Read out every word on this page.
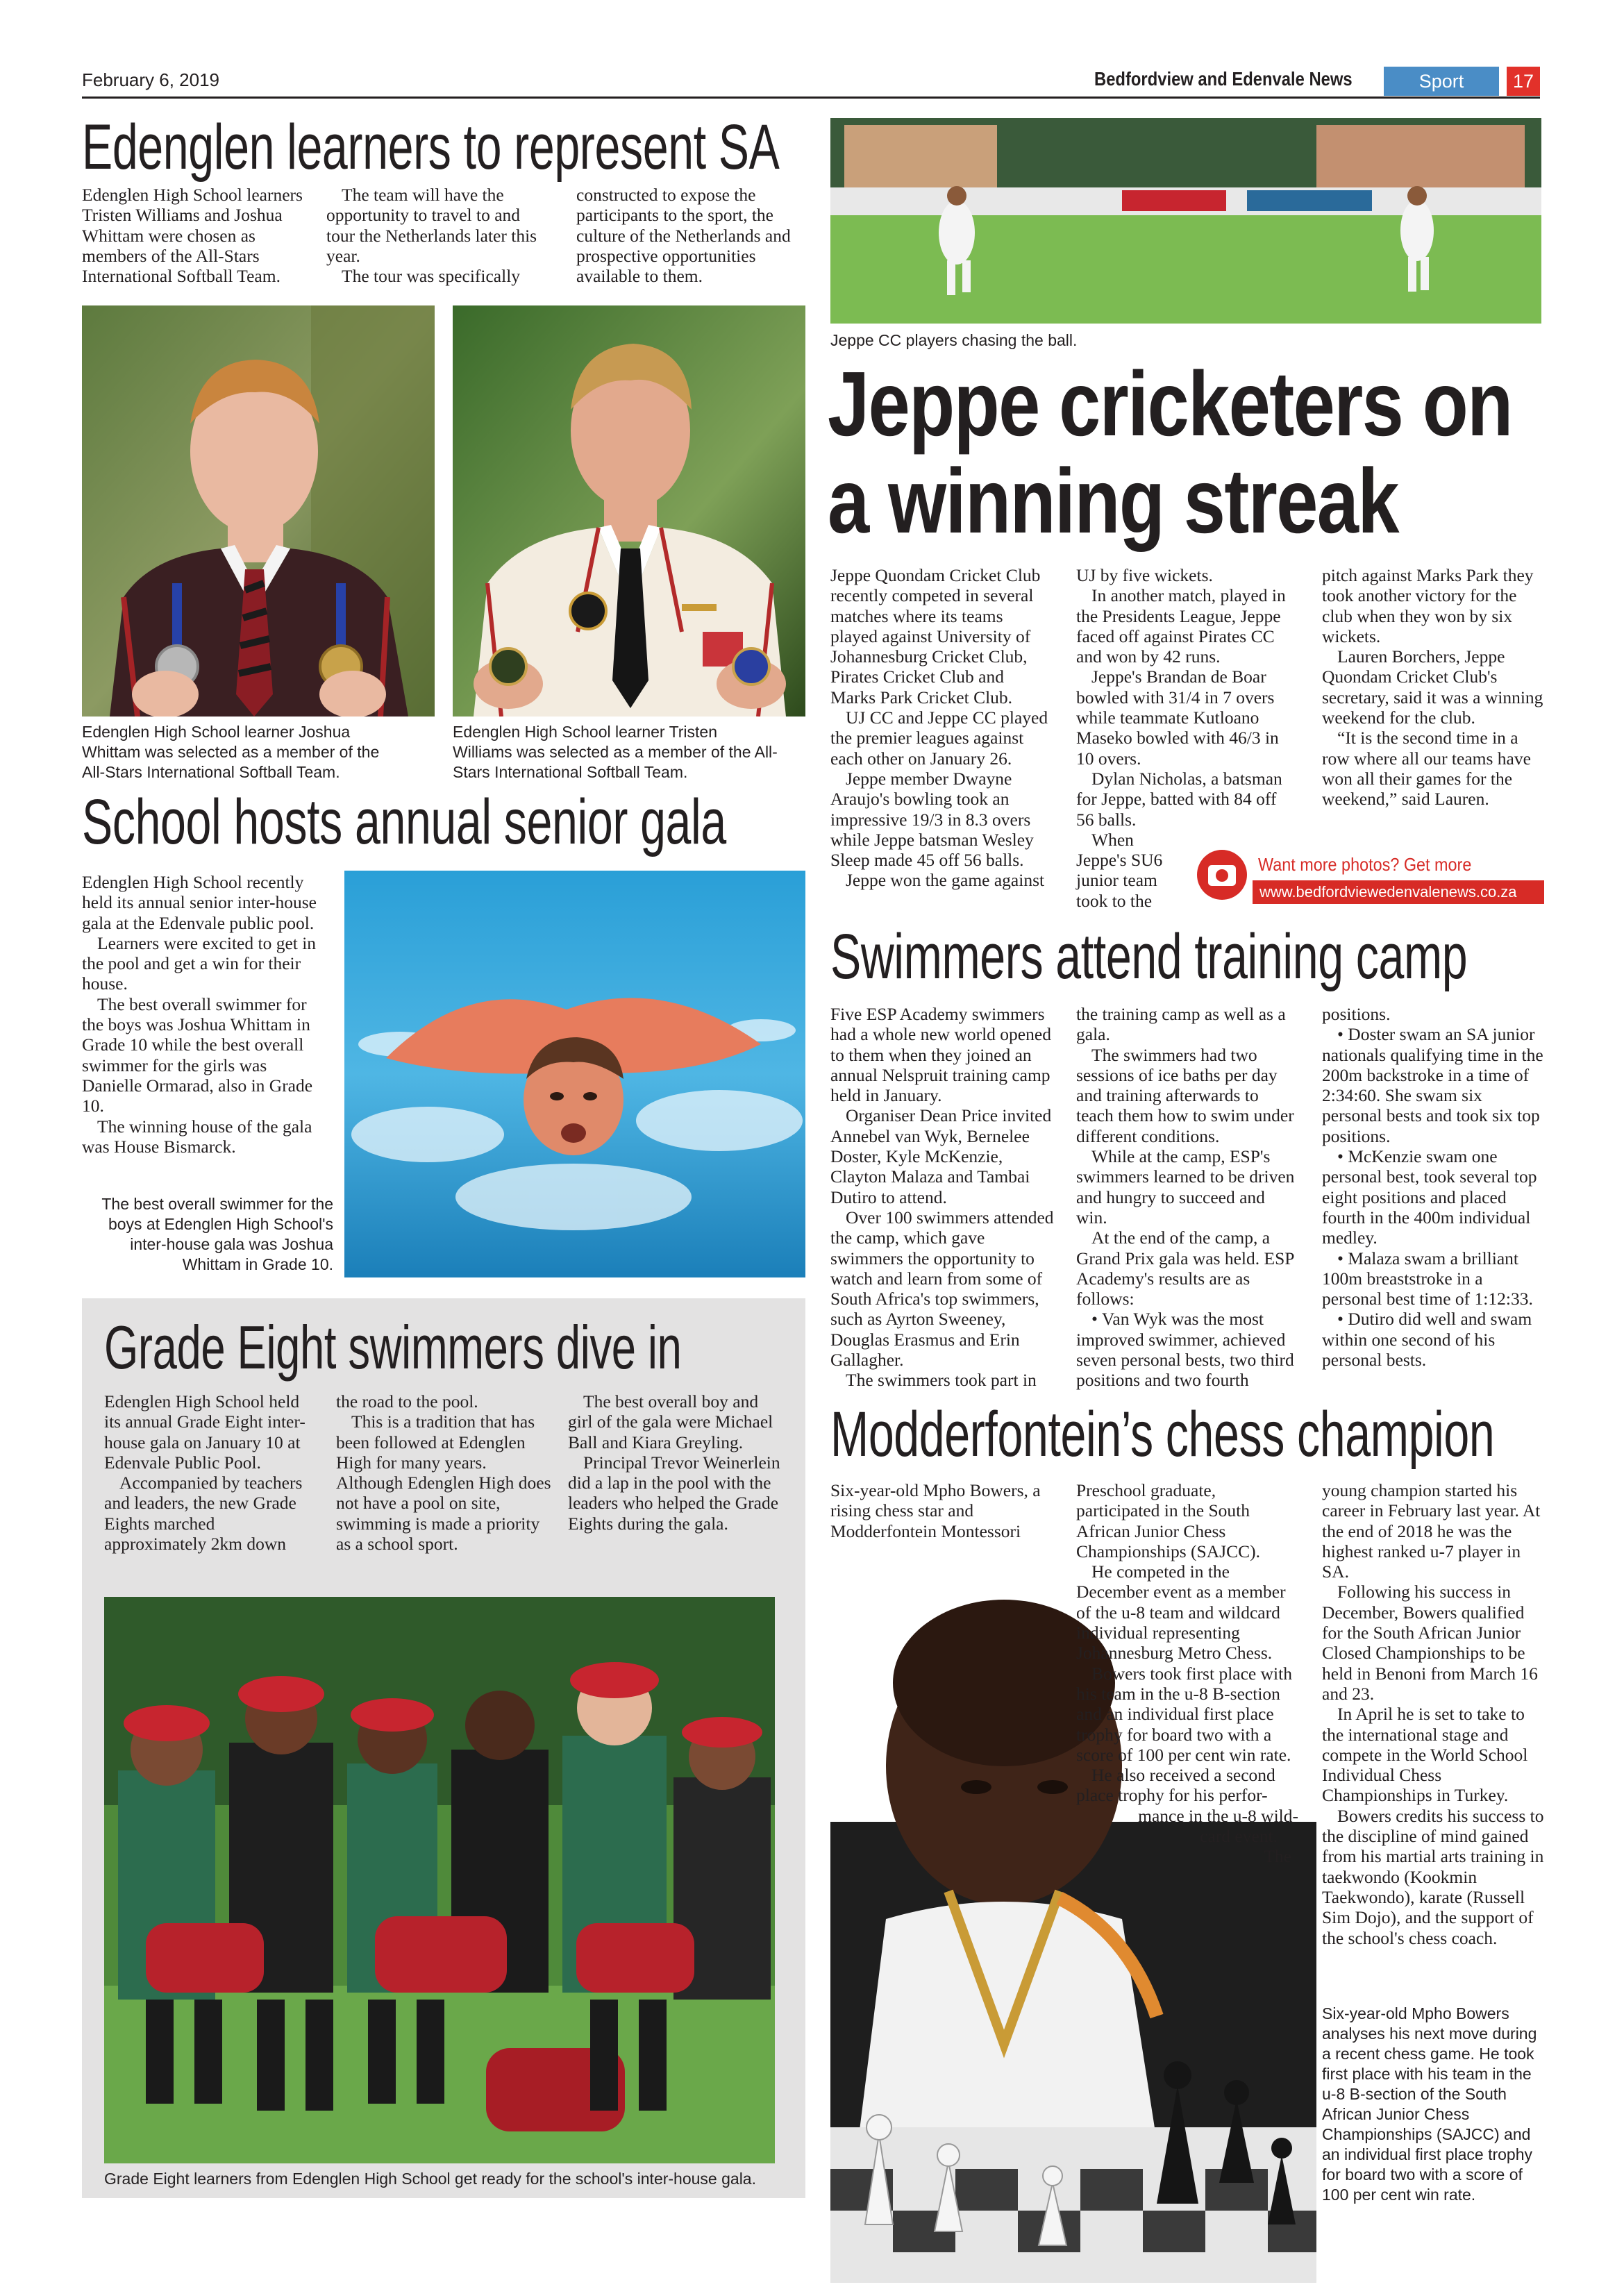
February 6, 2019	Bedfordview and Edenvale News	Sport	17
Edenglen learners to represent SA

Edenglen High School learners Tristen Williams and Joshua Whittam were chosen as members of the All-Stars International Softball Team.

The team will have the opportunity to travel to and tour the Netherlands later this year.

The tour was specifically

constructed to expose the participants to the sport, the culture of the Netherlands and prospective opportunities available to them.

Edenglen High School learner Joshua Whittam was selected as a member of the All-Stars International Softball Team.
Edenglen High School learner Tristen Williams was selected as a member of the All-Stars International Softball Team.
School hosts annual senior gala

Edenglen High School recently held its annual senior inter-house gala at the Edenvale public pool.

Learners were excited to get in the pool and get a win for their house.

The best overall swimmer for the boys was Joshua Whittam in Grade 10 while the best overall swimmer for the girls was Danielle Ormarad, also in Grade 10.

The winning house of the gala was House Bismarck.

The best overall swimmer for the boys at Edenglen High School's inter-house gala was Joshua Whittam in Grade 10.
Grade Eight swimmers dive in

Edenglen High School held its annual Grade Eight inter-house gala on January 10 at Edenvale Public Pool.

Accompanied by teachers and leaders, the new Grade Eights marched approximately 2km down

the road to the pool.

This is a tradition that has been followed at Edenglen High for many years. Although Edenglen High does not have a pool on site, swimming is made a priority as a school sport.

The best overall boy and girl of the gala were Michael Ball and Kiara Greyling.

Principal Trevor Weinerlein did a lap in the pool with the leaders who helped the Grade Eights during the gala.

Grade Eight learners from Edenglen High School get ready for the school's inter-house gala.
Jeppe CC players chasing the ball.
Jeppe cricketers on
a winning streak

Jeppe Quondam Cricket Club recently competed in several matches where its teams played against University of Johannesburg Cricket Club, Pirates Cricket Club and Marks Park Cricket Club.

UJ CC and Jeppe CC played the premier leagues against each other on January 26.

Jeppe member Dwayne Araujo's bowling took an impressive 19/3 in 8.3 overs while Jeppe batsman Wesley Sleep made 45 off 56 balls.

Jeppe won the game against

UJ by five wickets.

In another match, played in the Presidents League, Jeppe faced off against Pirates CC and won by 42 runs.

Jeppe's Brandan de Boar bowled with 31/4 in 7 overs while teammate Kutloano Maseko bowled with 46/3 in 10 overs.

Dylan Nicholas, a batsman for Jeppe, batted with 84 off 56 balls.

When Jeppe's SU6 junior team took to the

pitch against Marks Park they took another victory for the club when they won by six wickets.

Lauren Borchers, Jeppe Quondam Cricket Club's secretary, said it was a winning weekend for the club.

“It is the second time in a row where all our teams have won all their games for the weekend,” said Lauren.

Want more photos? Get more
www.bedfordviewedenvalenews.co.za
Swimmers attend training camp

Five ESP Academy swimmers had a whole new world opened to them when they joined an annual Nelspruit training camp held in January.

Organiser Dean Price invited Annebel van Wyk, Bernelee Doster, Kyle McKenzie, Clayton Malaza and Tambai Dutiro to attend.

Over 100 swimmers attended the camp, which gave swimmers the opportunity to watch and learn from some of South Africa's top swimmers, such as Ayrton Sweeney, Douglas Erasmus and Erin Gallagher.

The swimmers took part in

the training camp as well as a gala.

The swimmers had two sessions of ice baths per day and training afterwards to teach them how to swim under different conditions.

While at the camp, ESP's swimmers learned to be driven and hungry to succeed and win.

At the end of the camp, a Grand Prix gala was held. ESP Academy's results are as follows:

• Van Wyk was the most improved swimmer, achieved seven personal bests, two third positions and two fourth

positions.

• Doster swam an SA junior nationals qualifying time in the 200m backstroke in a time of 2:34:60. She swam six personal bests and took six top positions.

• McKenzie swam one personal best, took several top eight positions and placed fourth in the 400m individual medley.

• Malaza swam a brilliant 100m breaststroke in a personal best time of 1:12:33.

• Dutiro did well and swam within one second of his personal bests.

Modderfontein’s chess champion

Six-year-old Mpho Bowers, a rising chess star and Modderfontein Montessori

Preschool graduate, participated in the South African Junior Chess Championships (SAJCC).

He competed in the December event as a member of the u-8 team and wildcard individual representing Johannesburg Metro Chess.

Bowers took first place with his team in the u-8 B-section and an individual first place trophy for board two with a score of 100 per cent win rate.

He also received a second place trophy for his perfor-

mance in the u-8 wild-

card event.

The

young champion started his career in February last year. At the end of 2018 he was the highest ranked u-7 player in SA.

Following his success in December, Bowers qualified for the South African Junior Closed Championships to be held in Benoni from March 16 and 23.

In April he is set to take to the international stage and compete in the World School Individual Chess Championships in Turkey.

Bowers credits his success to the discipline of mind gained from his martial arts training in taekwondo (Kookmin Taekwondo), karate (Russell Sim Dojo), and the support of the school's chess coach.

Six-year-old Mpho Bowers analyses his next move during a recent chess game. He took first place with his team in the u-8 B-section of the South African Junior Chess Championships (SAJCC) and an individual first place trophy for board two with a score of 100 per cent win rate.
